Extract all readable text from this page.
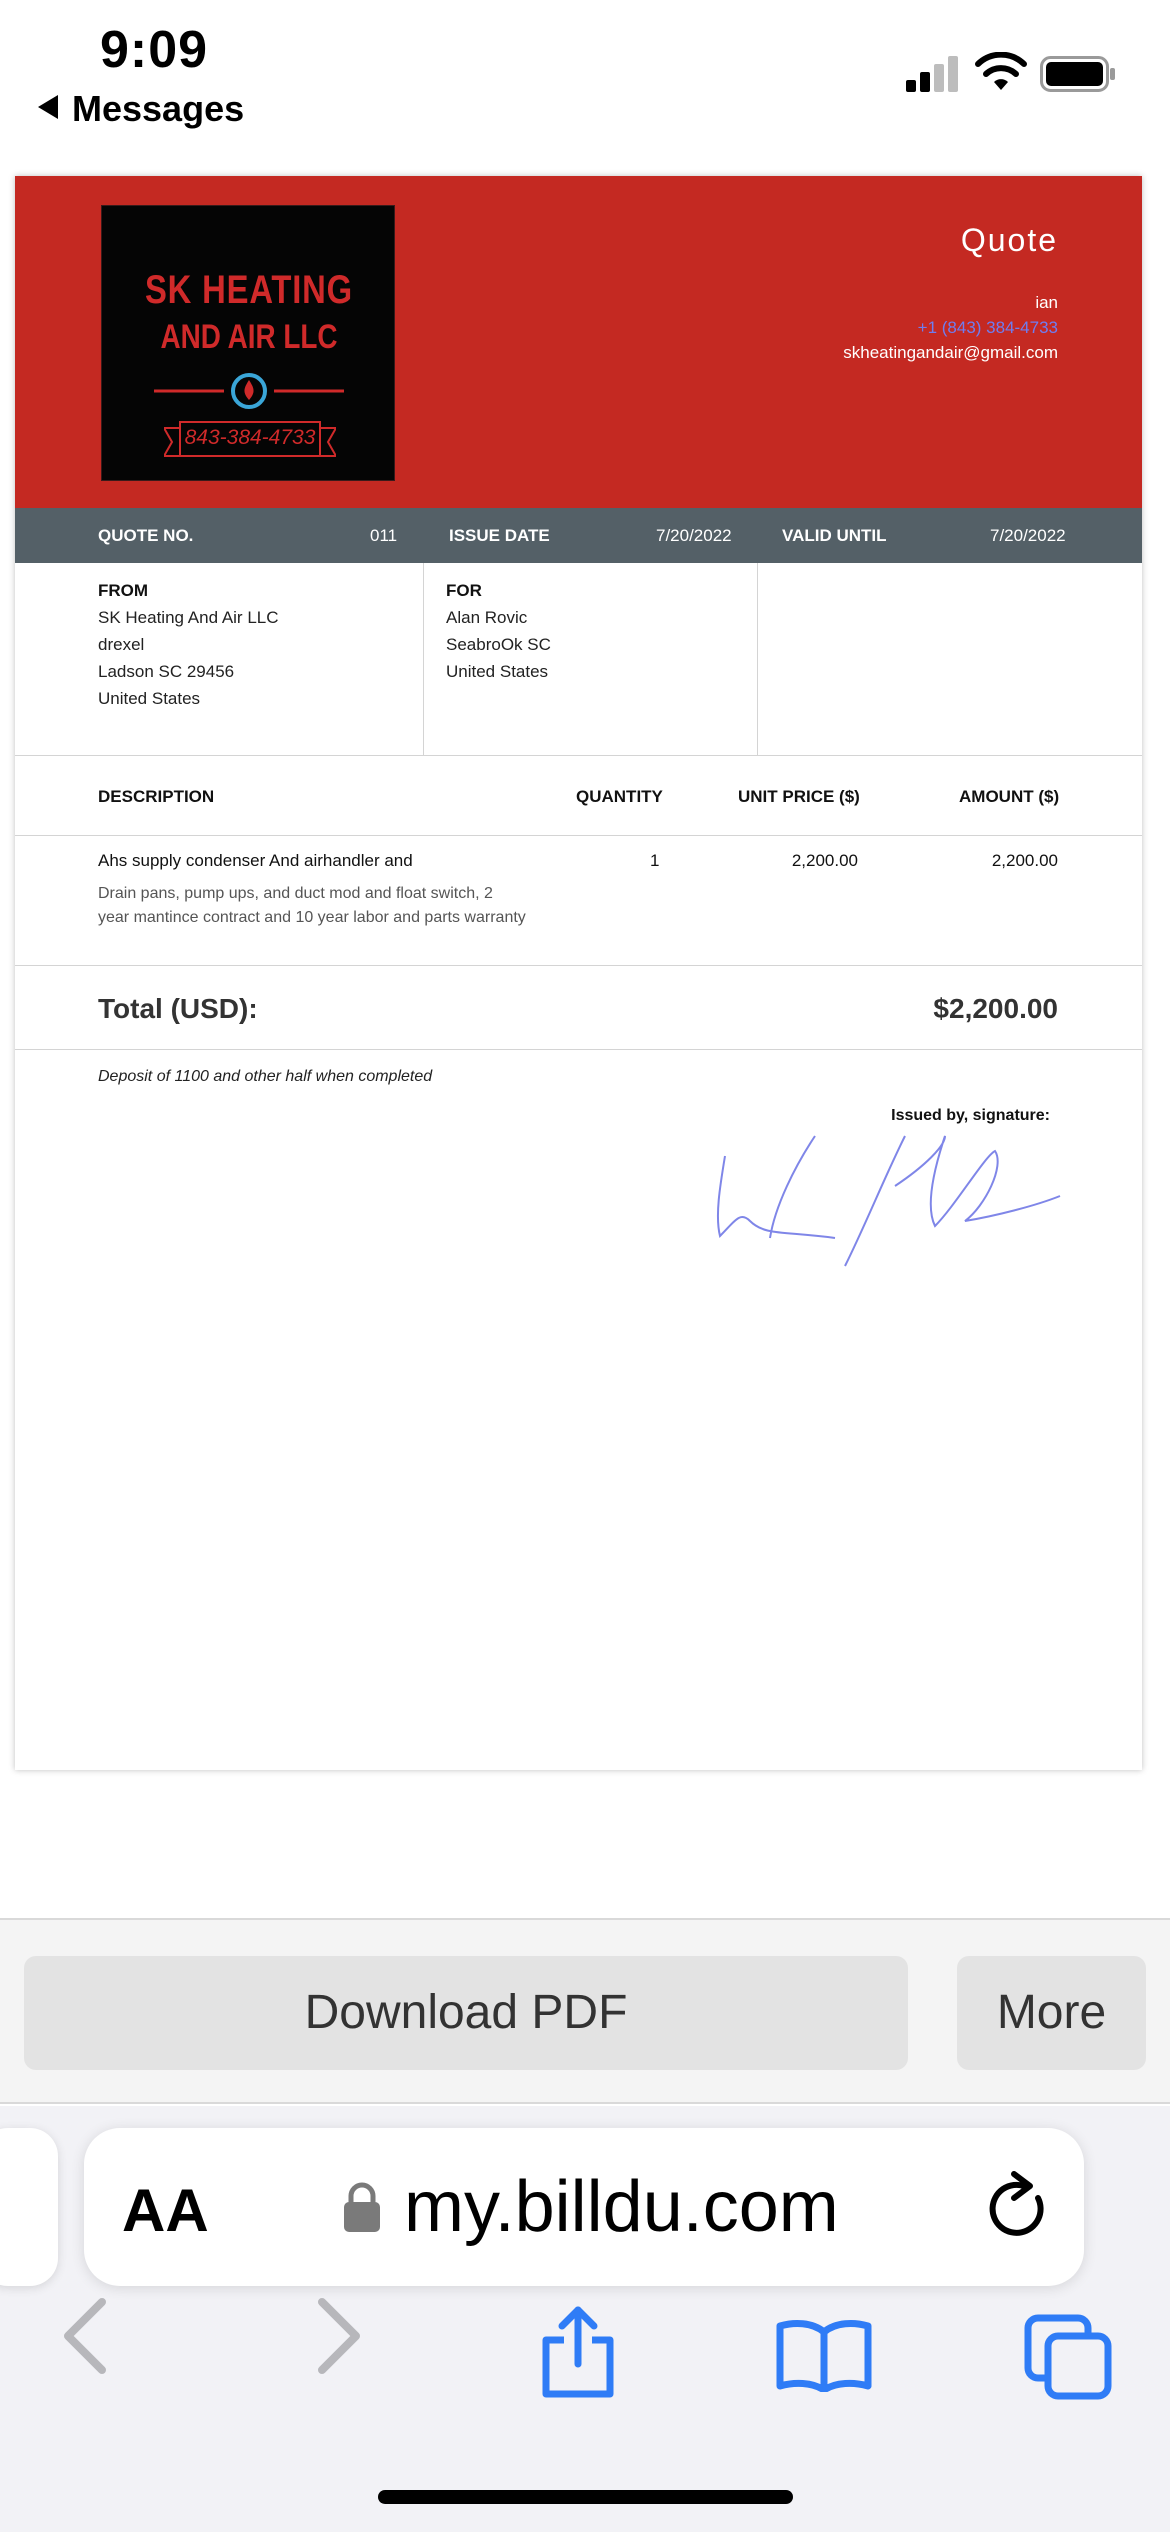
9:09
Messages
SK HEATING
AND AIR LLC
843-384-4733
Quote
ian
+1 (843) 384-4733
skheatingandair@gmail.com
QUOTE NO.	011	ISSUE DATE	7/20/2022	VALID UNTIL	7/20/2022
FROM
SK Heating And Air LLC
drexel
Ladson SC 29456
United States
FOR
Alan Rovic
SeabroOk SC
United States
DESCRIPTION	QUANTITY	UNIT PRICE ($)	AMOUNT ($)
Ahs supply condenser And airhandler and
Drain pans, pump ups, and duct mod and float switch, 2 year mantince contract and 10 year labor and parts warranty
1	2,200.00	2,200.00
Total (USD):	$2,200.00
Deposit of 1100 and other half when completed
Issued by, signature:
Download PDF	More
AA	my.billdu.com
